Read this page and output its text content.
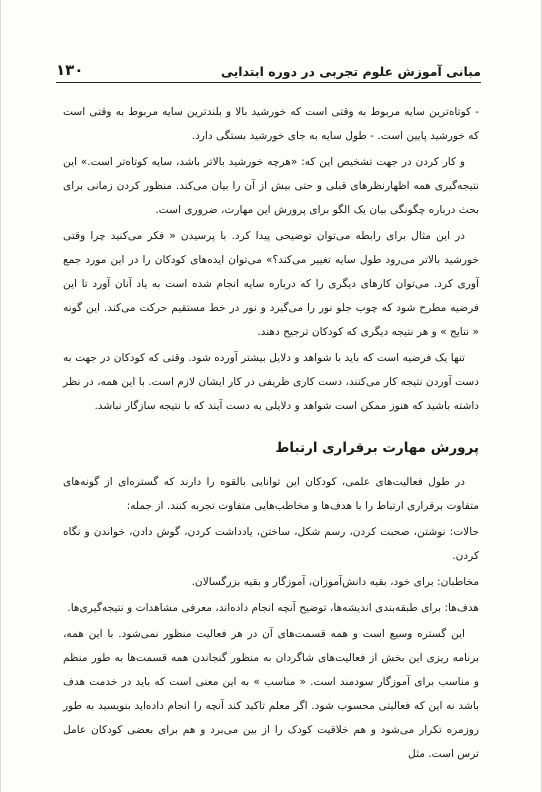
مبانی آموزش علوم تجربی در دوره ابتدایی
۱۳۰

- کوتاه‌ترین سایه مربوط به وقتی است که خورشید بالا و بلندترین سایه مربوط به وقتی است که خورشید پایین است. - طول سایه به جای خورشید بستگی دارد.

و کار کردن در جهت تشخیص این که: «هرچه خورشید بالاتر باشد، سایه کوتاه‌تر است.» این نتیجه‌گیری همه اظهارنظرهای قبلی و حتی بیش از آن را بیان می‌کند. منظور کردن زمانی برای بحث درباره چگونگی بیان یک الگو برای پرورش این مهارت، ضروری است.

در این مثال برای رابطه می‌توان توضیحی پیدا کرد. با پرسیدن « فکر می‌کنید چرا وقتی خورشید بالاتر می‌رود طول سایه تغییر می‌کند؟» می‌توان ایده‌های کودکان را در این مورد جمع آوری کرد. می‌توان کارهای دیگری را که درباره سایه انجام شده است به یاد آنان آورد تا این فرضیه مطرح شود که چوب جلو نور را می‌گیرد و نور در خط مستقیم حرکت می‌کند. این گونه « نتایج » و هر نتیجه دیگری که کودکان ترجیح دهند.

تنها یک فرضیه است که باید با شواهد و دلایل بیشتر آورده شود. وقتی که کودکان در جهت به دست آوردن نتیجه کار می‌کنند، دست کاری ظریفی در کار ایشان لازم است. با این همه، در نظر داشته باشید که هنوز ممکن است شواهد و دلایلی به دست آیند که با نتیجه سازگار نباشد.

پرورش مهارت برقراری ارتباط

در طول فعالیت‌های علمی، کودکان این توانایی بالقوه را دارند که گستره‌ای از گونه‌های متفاوت برقراری ارتباط را با هدف‌ها و مخاطب‌هایی متفاوت تجربه کنند. از جمله:

حالات: نوشتن، صحبت کردن، رسم شکل، ساختن، یادداشت کردن، گوش دادن، خواندن و نگاه کردن.

مخاطبان: برای خود، بقیه دانش‌آموزان، آموزگار و بقیه بزرگسالان.

هدف‌ها: برای طبقه‌بندی اندیشه‌ها، توضیح آنچه انجام داده‌اند، معرفی مشاهدات و نتیجه‌گیری‌ها.

این گستره وسیع است و همه قسمت‌های آن در هر فعالیت منظور نمی‌شود. با این همه، برنامه ریزی این بخش از فعالیت‌های شاگردان به منظور گنجاندن همه قسمت‌ها به طور منظم و مناسب برای آموزگار سودمند است. « مناسب » به این معنی است که باید در خدمت هدف باشد نه این که فعالیتی محسوب شود. اگر معلم تاکید کند آنچه را انجام داده‌اید بنویسید به طور روزمره تکرار می‌شود و هم خلاقیت کودک را از بین می‌برد و هم برای بعضی کودکان عامل ترس است. مثل
